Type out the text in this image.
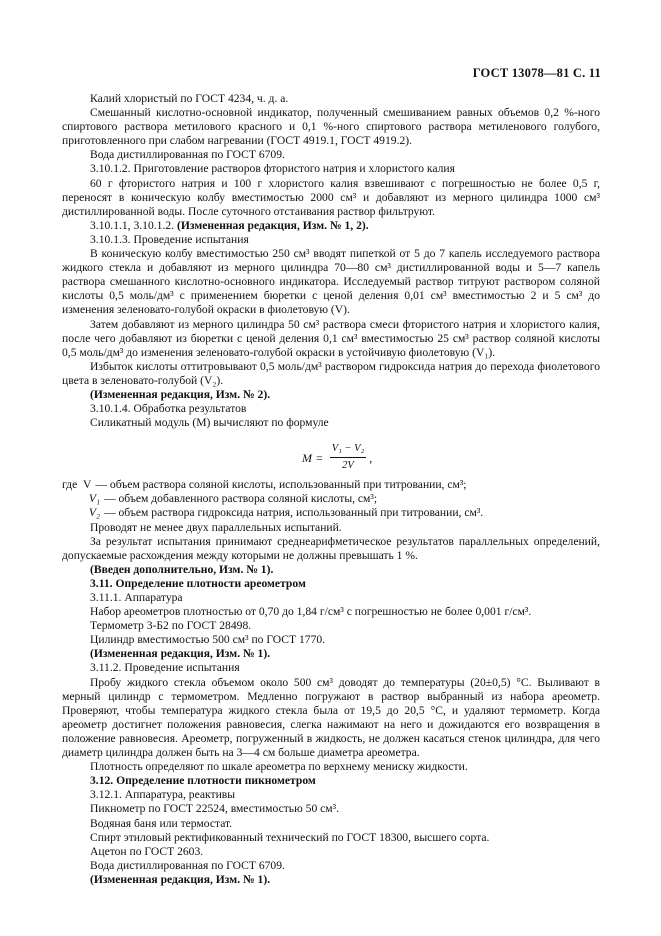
ГОСТ 13078—81 С. 11

Калий хлористый по ГОСТ 4234, ч. д. а.

Смешанный кислотно-основной индикатор, полученный смешиванием равных объемов 0,2 %-ного спиртового раствора метилового красного и 0,1 %-ного спиртового раствора метиленового голубого, приготовленного при слабом нагревании (ГОСТ 4919.1, ГОСТ 4919.2).

Вода дистиллированная по ГОСТ 6709.

3.10.1.2. Приготовление растворов фтористого натрия и хлористого калия

60 г фтористого натрия и 100 г хлористого калия взвешивают с погрешностью не более 0,5 г, переносят в коническую колбу вместимостью 2000 см³ и добавляют из мерного цилиндра 1000 см³ дистиллированной воды. После суточного отстаивания раствор фильтруют.

3.10.1.1, 3.10.1.2. (Измененная редакция, Изм. № 1, 2).

3.10.1.3. Проведение испытания

В коническую колбу вместимостью 250 см³ вводят пипеткой от 5 до 7 капель исследуемого раствора жидкого стекла и добавляют из мерного цилиндра 70—80 см³ дистиллированной воды и 5—7 капель раствора смешанного кислотно-основного индикатора. Исследуемый раствор титруют раствором соляной кислоты 0,5 моль/дм³ с применением бюретки с ценой деления 0,01 см³ вместимостью 2 и 5 см³ до изменения зеленовато-голубой окраски в фиолетовую (V).

Затем добавляют из мерного цилиндра 50 см³ раствора смеси фтористого натрия и хлористого калия, после чего добавляют из бюретки с ценой деления 0,1 см³ вместимостью 25 см³ раствор соляной кислоты 0,5 моль/дм³ до изменения зеленовато-голубой окраски в устойчивую фиолетовую (V₁).

Избыток кислоты оттитровывают 0,5 моль/дм³ раствором гидроксида натрия до перехода фиолетового цвета в зеленовато-голубой (V₂).

(Измененная редакция, Изм. № 2).

3.10.1.4. Обработка результатов

Силикатный модуль (M) вычисляют по формуле

$M = \frac{\text{V₁ − V₂}}{2V}$ ,
где  V — объем раствора соляной кислоты, использованный при титровании, см³;
V₁ — объем добавленного раствора соляной кислоты, см³;
V₂ — объем раствора гидроксида натрия, использованный при титровании, см³.

Проводят не менее двух параллельных испытаний.

За результат испытания принимают среднеарифметическое результатов параллельных определений, допускаемые расхождения между которыми не должны превышать 1 %.

(Введен дополнительно, Изм. № 1).

3.11. Определение плотности ареометром

3.11.1. Аппаратура

Набор ареометров плотностью от 0,70 до 1,84 г/см³ с погрешностью не более 0,001 г/см³.

Термометр 3-Б2 по ГОСТ 28498.

Цилиндр вместимостью 500 см³ по ГОСТ 1770.

(Измененная редакция, Изм. № 1).

3.11.2. Проведение испытания

Пробу жидкого стекла объемом около 500 см³ доводят до температуры (20±0,5) °С. Выливают в мерный цилиндр с термометром. Медленно погружают в раствор выбранный из набора ареометр. Проверяют, чтобы температура жидкого стекла была от 19,5 до 20,5 °С, и удаляют термометр. Когда ареометр достигнет положения равновесия, слегка нажимают на него и дожидаются его возвращения в положение равновесия. Ареометр, погруженный в жидкость, не должен касаться стенок цилиндра, для чего диаметр цилиндра должен быть на 3—4 см больше диаметра ареометра.

Плотность определяют по шкале ареометра по верхнему мениску жидкости.

3.12. Определение плотности пикнометром

3.12.1. Аппаратура, реактивы

Пикнометр по ГОСТ 22524, вместимостью 50 см³.

Водяная баня или термостат.

Спирт этиловый ректификованный технический по ГОСТ 18300, высшего сорта.

Ацетон по ГОСТ 2603.

Вода дистиллированная по ГОСТ 6709.

(Измененная редакция, Изм. № 1).
